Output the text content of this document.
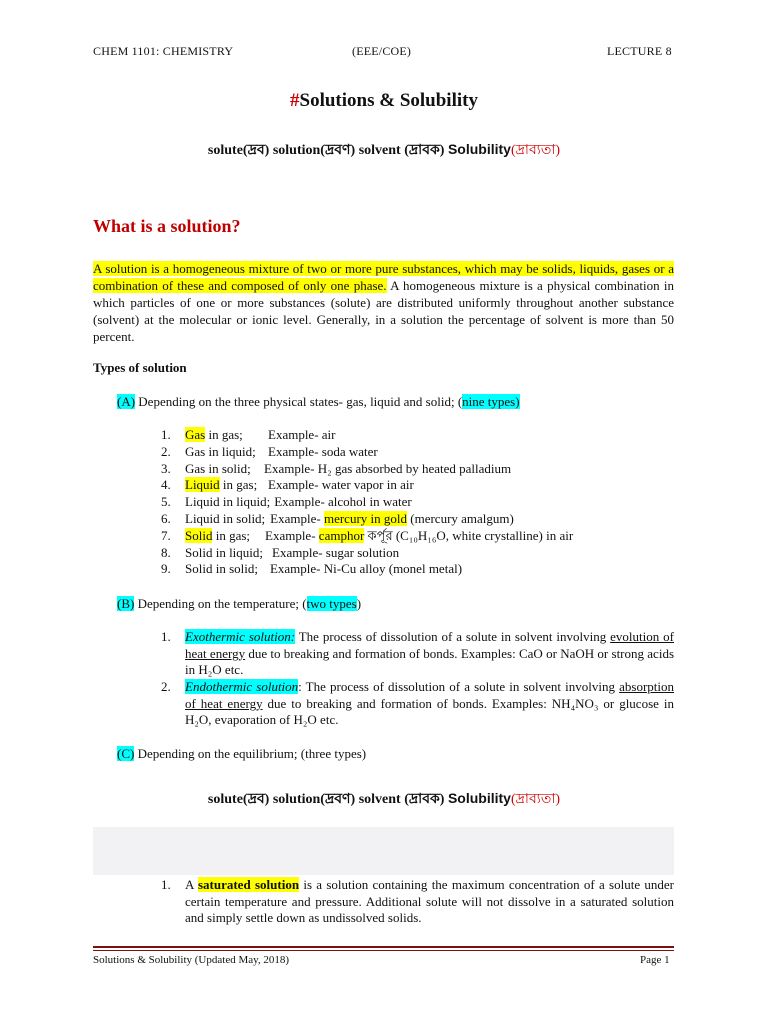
CHEM 1101: CHEMISTRY	(EEE/COE)	LECTURE 8
#Solutions & Solubility
solute(দ্রব) solution(দ্রবণ) solvent (দ্রাবক) Solubility(দ্রাব্যতা)
What is a solution?
A solution is a homogeneous mixture of two or more pure substances, which may be solids, liquids, gases or a combination of these and composed of only one phase. A homogeneous mixture is a physical combination in which particles of one or more substances (solute) are distributed uniformly throughout another substance (solvent) at the molecular or ionic level. Generally, in a solution the percentage of solvent is more than 50 percent.
Types of solution
(A) Depending on the three physical states- gas, liquid and solid; (nine types)
1. Gas in gas; Example- air
2. Gas in liquid; Example- soda water
3. Gas in solid; Example- H₂ gas absorbed by heated palladium
4. Liquid in gas; Example- water vapor in air
5. Liquid in liquid; Example- alcohol in water
6. Liquid in solid; Example- mercury in gold (mercury amalgum)
7. Solid in gas; Example- camphor কর্পূর (C₁₀H₁₆O, white crystalline) in air
8. Solid in liquid; Example- sugar solution
9. Solid in solid; Example- Ni-Cu alloy (monel metal)
(B) Depending on the temperature; (two types)
1. Exothermic solution: The process of dissolution of a solute in solvent involving evolution of heat energy due to breaking and formation of bonds. Examples: CaO or NaOH or strong acids in H₂O etc.
2. Endothermic solution: The process of dissolution of a solute in solvent involving absorption of heat energy due to breaking and formation of bonds. Examples: NH₄NO₃ or glucose in H₂O, evaporation of H₂O etc.
(C) Depending on the equilibrium; (three types)
solute(দ্রব) solution(দ্রবণ) solvent (দ্রাবক) Solubility(দ্রাব্যতা)
1. A saturated solution is a solution containing the maximum concentration of a solute under certain temperature and pressure. Additional solute will not dissolve in a saturated solution and simply settle down as undissolved solids.
Solutions & Solubility (Updated May, 2018)	Page 1
